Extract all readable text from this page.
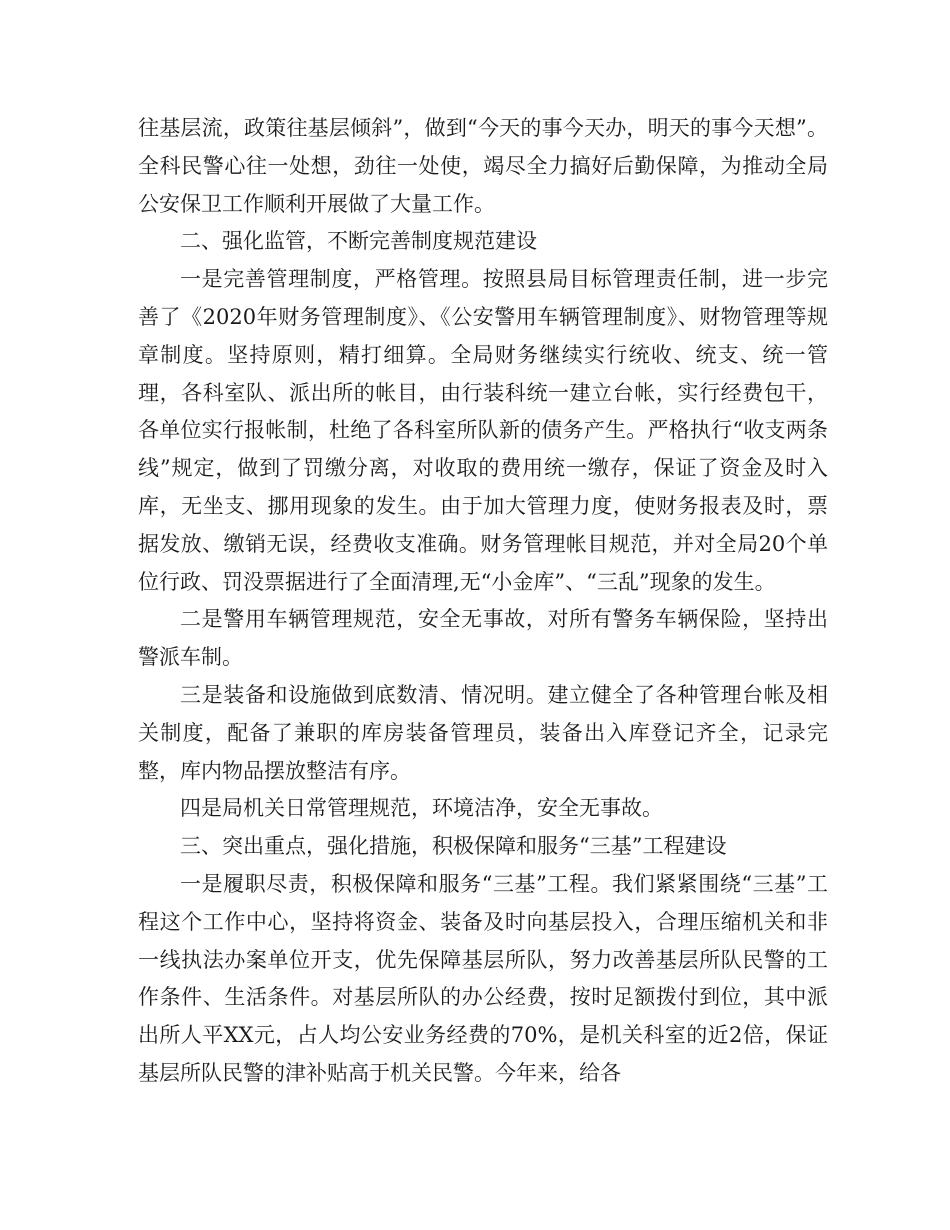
往基层流，政策往基层倾斜”，做到“今天的事今天办，明天的事今天想”。全科民警心往一处想，劲往一处使，竭尽全力搞好后勤保障，为推动全局公安保卫工作顺利开展做了大量工作。

二、强化监管，不断完善制度规范建设

一是完善管理制度，严格管理。按照县局目标管理责任制，进一步完善了《2020年财务管理制度》、《公安警用车辆管理制度》、财物管理等规章制度。坚持原则，精打细算。全局财务继续实行统收、统支、统一管理，各科室队、派出所的帐目，由行装科统一建立台帐，实行经费包干，各单位实行报帐制，杜绝了各科室所队新的债务产生。严格执行“收支两条线”规定，做到了罚缴分离，对收取的费用统一缴存，保证了资金及时入库，无坐支、挪用现象的发生。由于加大管理力度，使财务报表及时，票据发放、缴销无误，经费收支准确。财务管理帐目规范，并对全局20个单位行政、罚没票据进行了全面清理,无“小金库”、“三乱”现象的发生。

二是警用车辆管理规范，安全无事故，对所有警务车辆保险，坚持出警派车制。

三是装备和设施做到底数清、情况明。建立健全了各种管理台帐及相关制度，配备了兼职的库房装备管理员，装备出入库登记齐全，记录完整，库内物品摆放整洁有序。

四是局机关日常管理规范，环境洁净，安全无事故。

三、突出重点，强化措施，积极保障和服务“三基”工程建设

一是履职尽责，积极保障和服务“三基”工程。我们紧紧围绕“三基”工程这个工作中心，坚持将资金、装备及时向基层投入，合理压缩机关和非一线执法办案单位开支，优先保障基层所队，努力改善基层所队民警的工作条件、生活条件。对基层所队的办公经费，按时足额拨付到位，其中派出所人平XX元，占人均公安业务经费的70%，是机关科室的近2倍，保证基层所队民警的津补贴高于机关民警。今年来，给各
